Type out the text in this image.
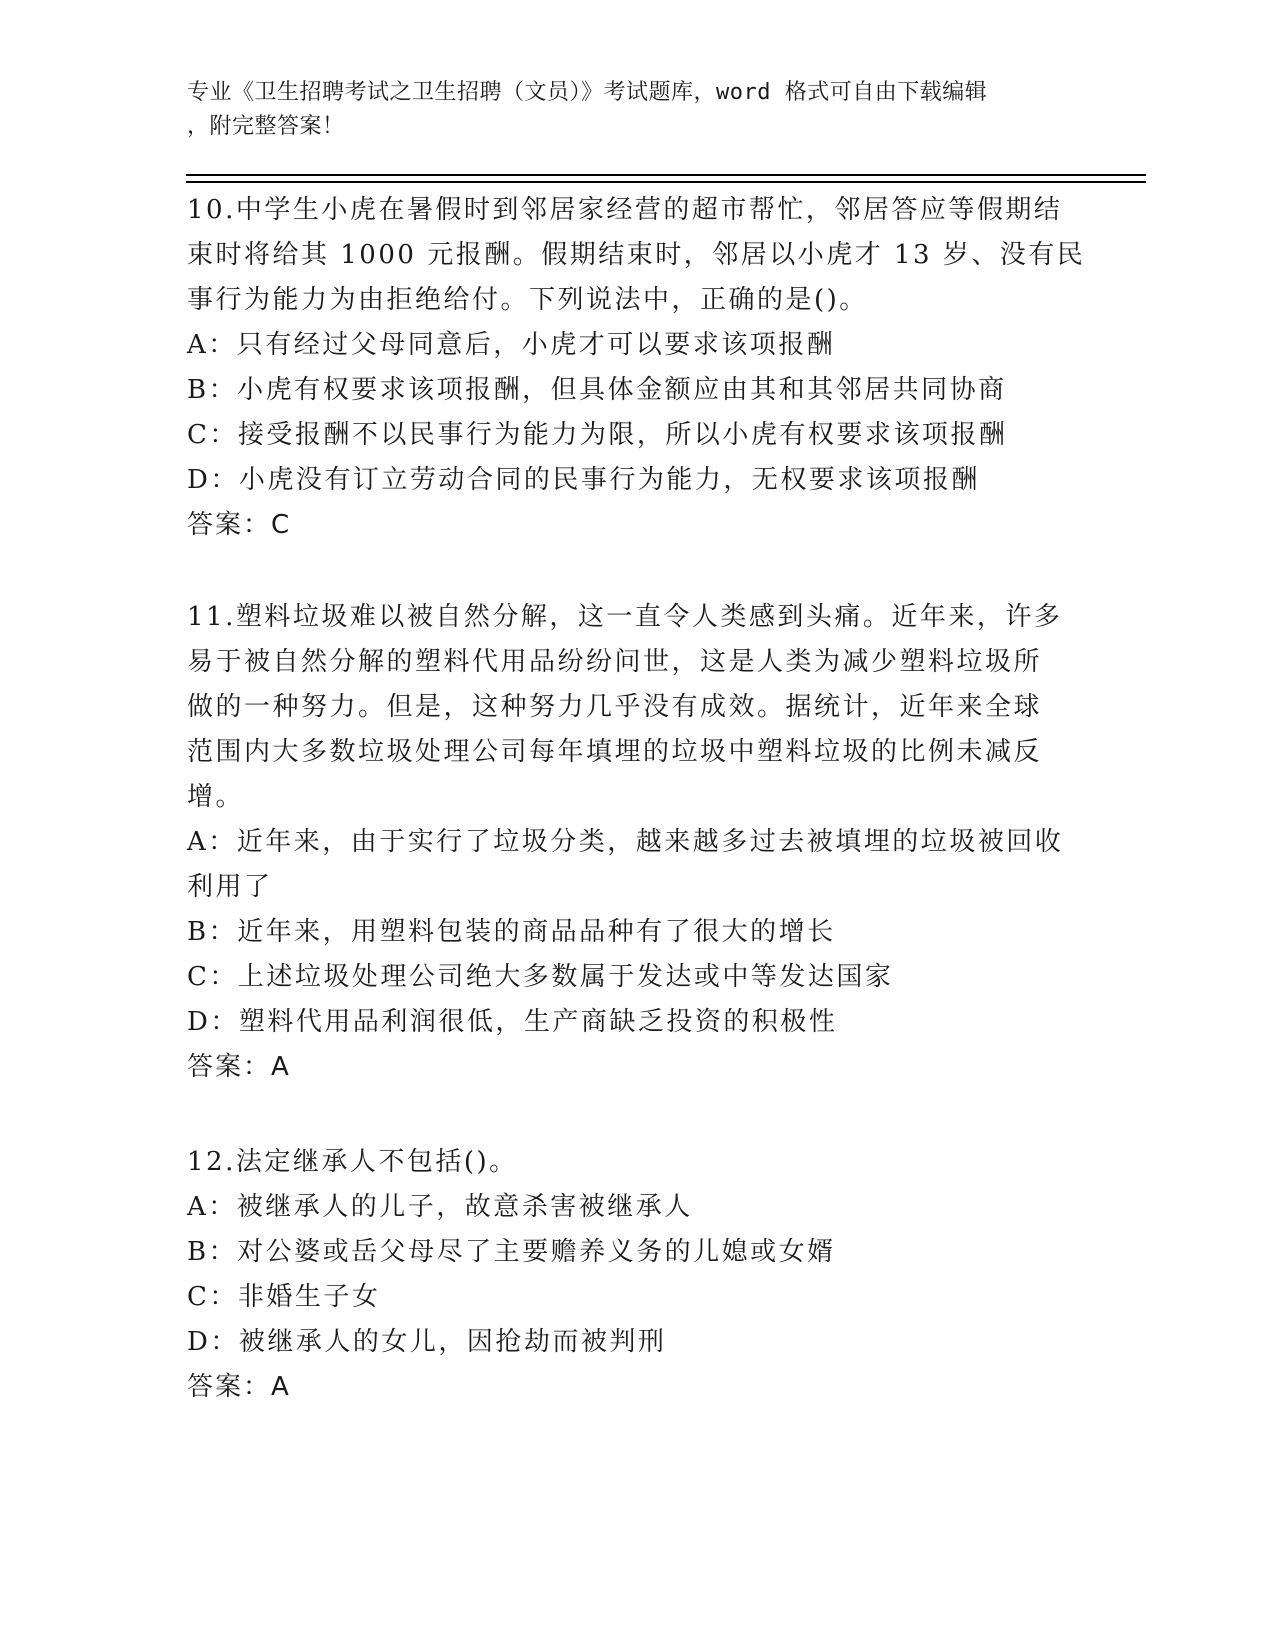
专业《卫生招聘考试之卫生招聘（文员）》考试题库，word 格式可自由下载编辑
，附完整答案！
10.中学生小虎在暑假时到邻居家经营的超市帮忙，邻居答应等假期结
束时将给其 1000 元报酬。假期结束时，邻居以小虎才 13 岁、没有民
事行为能力为由拒绝给付。下列说法中，正确的是()。
A：只有经过父母同意后，小虎才可以要求该项报酬
B：小虎有权要求该项报酬，但具体金额应由其和其邻居共同协商
C：接受报酬不以民事行为能力为限，所以小虎有权要求该项报酬
D：小虎没有订立劳动合同的民事行为能力，无权要求该项报酬
答案：C
11.塑料垃圾难以被自然分解，这一直令人类感到头痛。近年来，许多
易于被自然分解的塑料代用品纷纷问世，这是人类为减少塑料垃圾所
做的一种努力。但是，这种努力几乎没有成效。据统计，近年来全球
范围内大多数垃圾处理公司每年填埋的垃圾中塑料垃圾的比例未减反
增。
A：近年来，由于实行了垃圾分类，越来越多过去被填埋的垃圾被回收
利用了
B：近年来，用塑料包装的商品品种有了很大的增长
C：上述垃圾处理公司绝大多数属于发达或中等发达国家
D：塑料代用品利润很低，生产商缺乏投资的积极性
答案：A
12.法定继承人不包括()。
A：被继承人的儿子，故意杀害被继承人
B：对公婆或岳父母尽了主要赡养义务的儿媳或女婿
C：非婚生子女
D：被继承人的女儿，因抢劫而被判刑
答案：A
